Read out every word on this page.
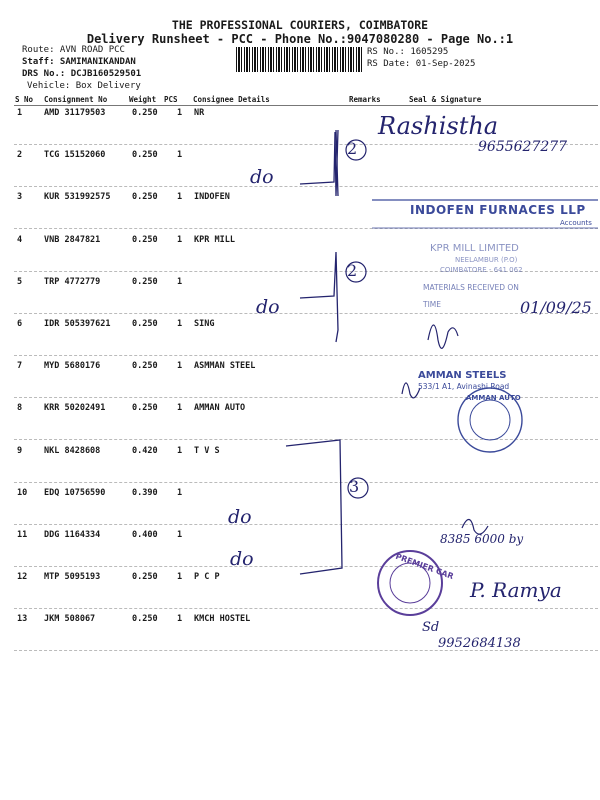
THE PROFESSIONAL COURIERS, COIMBATORE
Delivery Runsheet - PCC - Phone No.:9047080280 - Page No.:1
Route: AVN ROAD PCC
Staff: SAMIMANIKANDAN
DRS No.: DCJB160529501
Vehicle: Box Delivery
RS No.: 1605295
RS Date: 01-Sep-2025
S No Consignment No	Weight PCS Consignee Details	Remarks	Seal & Signature
1	AMD 31179503	0.250 1 NR
2	TCG 15152060	0.250 1
3	KUR 531992575	0.250 1 INDOFEN
4	VNB 2847821	0.250 1 KPR MILL
5	TRP 4772779	0.250 1
6	IDR 505397621	0.250 1 SING
7	MYD 5680176	0.250 1 ASMMAN STEEL
8	KRR 50202491	0.250 1 AMMAN AUTO
9	NKL 8428608	0.420 1 T V S
10 EDQ 10756590	0.390 1
11 DDG 1164334	0.400 1
12 MTP 5095193	0.250 1 P C P
13 JKM 508067	0.250 1 KMCH HOSTEL
2
Rashistha
9655627277
do
2
do	01/09/25
3
do
do
8385 6000 by
P. Ramya
Sd
9952684138
INDOFEN FURNACES LLP
Accounts
KPR MILL LIMITED
NEELAMBUR (P.O)
COIMBATORE - 641 062
MATERIALS RECEIVED ON
TIME
AMMAN STEELS
533/1 A1, Avinashi Road
AMMAN AUTO
PREMIER CAR
